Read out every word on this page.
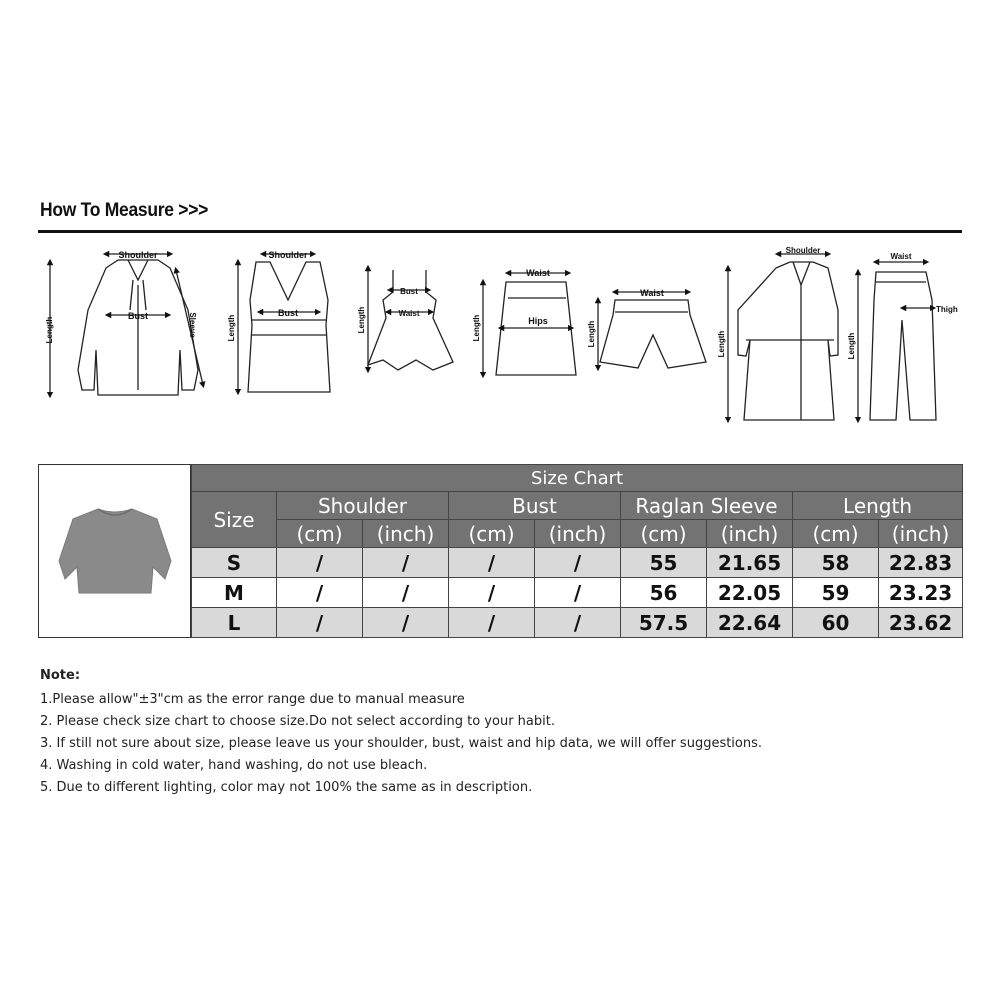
How To Measure >>>
Shoulder
Bust	Sleeve
Length
Shoulder
Bust
Length
Bust
Waist
Length
Waist
Hips
Length
Waist
Length
Shoulder
Length
Waist
Thigh
Length
Size Chart								
Size	Shoulder		Bust		Raglan Sleeve		Length	
	(cm)	(inch)	(cm)	(inch)	(cm)	(inch)	(cm)	(inch)
S	/	/	/	/	55	21.65	58	22.83
M	/	/	/	/	56	22.05	59	23.23
L	/	/	/	/	57.5	22.64	60	23.62
Note:
1.Please allow"±3"cm as the error range due to manual measure
2. Please check size chart to choose size.Do not select according to your habit.
3. If still not sure about size, please leave us your shoulder, bust, waist and hip data, we will offer suggestions.
4. Washing in cold water, hand washing, do not use bleach.
5. Due to different lighting, color may not 100% the same as in description.
